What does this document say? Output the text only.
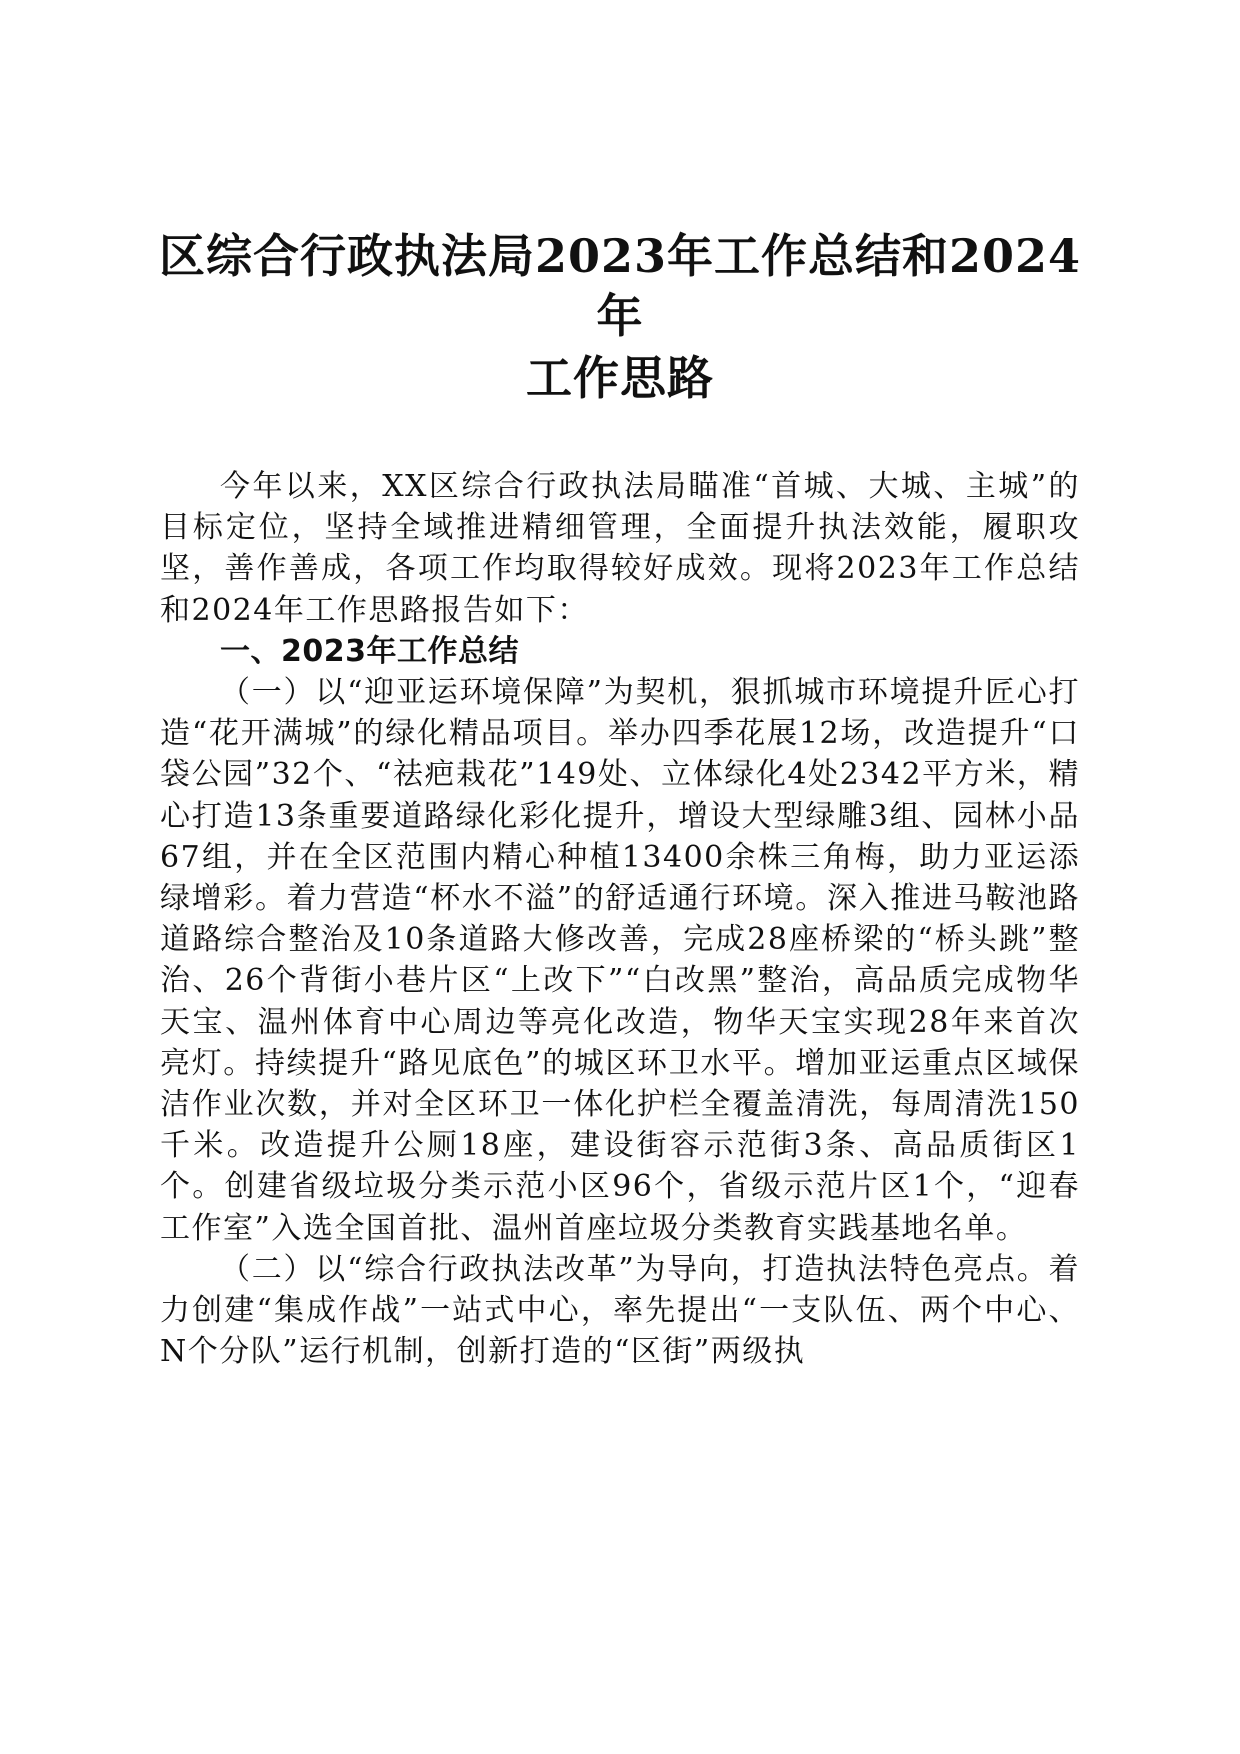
区综合行政执法局2023年工作总结和2024年
工作思路

今年以来，XX区综合行政执法局瞄准“首城、大城、主城”的目标定位，坚持全域推进精细管理，全面提升执法效能，履职攻坚，善作善成，各项工作均取得较好成效。现将2023年工作总结和2024年工作思路报告如下：

一、2023年工作总结

（一）以“迎亚运环境保障”为契机，狠抓城市环境提升匠心打造“花开满城”的绿化精品项目。举办四季花展12场，改造提升“口袋公园”32个、“祛疤栽花”149处、立体绿化4处2342平方米，精心打造13条重要道路绿化彩化提升，增设大型绿雕3组、园林小品67组，并在全区范围内精心种植13400余株三角梅，助力亚运添绿增彩。着力营造“杯水不溢”的舒适通行环境。深入推进马鞍池路道路综合整治及10条道路大修改善，完成28座桥梁的“桥头跳”整治、26个背街小巷片区“上改下”“白改黑”整治，高品质完成物华天宝、温州体育中心周边等亮化改造，物华天宝实现28年来首次亮灯。持续提升“路见底色”的城区环卫水平。增加亚运重点区域保洁作业次数，并对全区环卫一体化护栏全覆盖清洗，每周清洗150千米。改造提升公厕18座，建设街容示范街3条、高品质街区1个。创建省级垃圾分类示范小区96个，省级示范片区1个，“迎春工作室”入选全国首批、温州首座垃圾分类教育实践基地名单。

（二）以“综合行政执法改革”为导向，打造执法特色亮点。着力创建“集成作战”一站式中心，率先提出“一支队伍、两个中心、N个分队”运行机制，创新打造的“区街”两级执
